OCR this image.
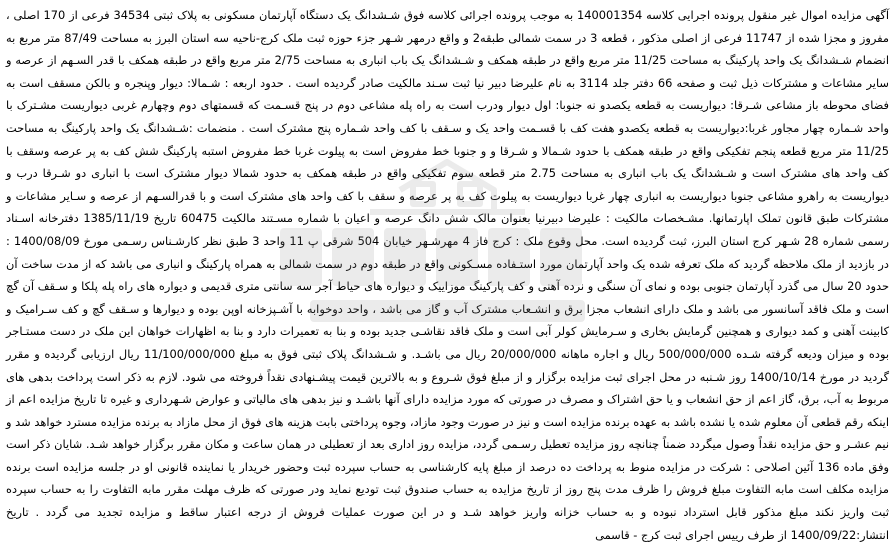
آگهی مزایده اموال غیر منقول پرونده اجرایی کلاسه 140001354 به موجب پرونده اجرائی کلاسه فوق شـشدانگ یک دستگاه آپارتمان مسکونی به پلاک ثبتی 34534 فرعی از 170 اصلی ، مفروز و مجزا شده از 11747 فرعی از اصلی مذکور ، قطعه 3 در سمت شمالی طبقه2 و واقع درمهر شـهر جزء حوزه ثبت ملک کرج-ناحیه سه استان البرز به مساحت 87/49 متر مربع به انضمام شـشدانگ یک واحد پارکینگ به مساحت 11/25 متر مربع واقع در طبقه همکف و شـشدانگ یک باب انباری به مساحت 2/75 متر مربع واقع در طبقه همکف با قدر السـهم از عرصه و سایر مشاعات و مشترکات ذیل ثبت و صفحه 66 دفتر جلد 3114 به نام علیرضا دبیر نیا ثبت سـند مالکیت صادر گردیده است . حدود اربعه : شـمالا: دیوار وپنجره و بالکن مسقف است به فضای محوطه باز مشاعی شـرقا: دیواریست به قطعه یکصدو نه جنوبا: اول دیوار ودرب است به راه پله مشاعی دوم در پنج قسـمت که قسمتهای دوم وچهارم غربی دیواریست مشـترک با واحد شـماره چهار مجاور غربا:دیواریست به قطعه یکصدو هفت کف با قسـمت واحد یک و سـقف با کف واحد شـماره پنج مشترک است . منضمات :شـشدانگ یک واحد پارکینگ به مساحت 11/25 متر مربع قطعه پنجم تفکیکی واقع در طبقه همکف با حدود شـمالا و شـرقا و و جنوبا خط مفروض است به پیلوت غربا خط مفروض استبه پارکینگ شش کف به پر عرصه وسقف با کف واحد های مشترک است و شـشدانگ یک باب انباری به مساحت 2.75 متر قطعه سوم تفکیکی واقع در طبقه همکف به حدود شمالا دیوار مشترک است با انباری دو شـرقا درب و دیواریست به راهرو مشاعی جنوبا دیواریست به انباری چهار غربا دیواریست به پیلوت کف به پر عرصه و سقف با کف واحد های مشترک است و با قدرالسـهم از عرصه و سـایر مشاعات و مشترکات طبق قانون تملک اپارتمانها. مشـخصات مالکیت : علیرضا دبیرنیا بعنوان مالک شش دانگ عرصه و اعیان با شماره مسـتند مالکیت 60475 تاریخ 1385/11/19 دفترخانه اسـناد رسمی شماره 28 شـهر کرج استان البرز، ثبت گردیده است. محل وقوع ملک : کرج فاز 4 مهرشـهر خیابان 504 شرقی پ 11 واحد 3 طبق نظر کارشـناس رسـمی مورخ 1400/08/09 : در بازدید از ملک ملاحظه گردید که ملک تعرفه شده یک واحد آپارتمان مورد استـفاده مسـکونی واقع در طبقه دوم در سمت شمالی به همراه پارکینگ و انباری می باشد که از مدت ساخت آن حدود 20 سال می گذرد آپارتمان جنوبی بوده و نمای آن سنگی و نرده آهنی و کف پارکینگ موزاییک و دیواره های حیاط آجر سه سانتی متری قدیمی و دیواره های راه پله پلکا و سـقف آن گچ است و ملک فاقد آسانسور می باشد و ملک دارای انشعاب مجزا برق و انشـعاب مشترک آب و گاز می باشد ، واحد دوخوابه با آشـپزخانه اوپن بوده و دیوارها و سـقف گچ و کف سـرامیک و کابینت آهنی و کمد دیواری و همچنین گرمایش بخاری و سـرمایش کولر آبی است و ملک فاقد نقاشـی جدید بوده و بنا به تعمیرات دارد و بنا به اظهارات خواهان این ملک در دست مستـاجر بوده و میزان ودیعه گرفته شـده 500/000/000 ریال و اجاره ماهانه 20/000/000 ریال می باشـد. و شـشدانگ پلاک ثبتی فوق به مبلغ 11/100/000/000 ریال ارزیابی گردیده و مقرر گردید در مورخ 1400/10/14 روز شـنبه در محل اجرای ثبت مزایده برگزار و از مبلغ فوق شـروع و به بالاترین قیمت پیشـنهادی نقداً فروخته می شود. لازم به ذکر است پرداخت بدهی های مربوط به آب، برق، گاز اعم از حق انشعاب و یا حق اشتراک و مصرف در صورتی که مورد مزایده دارای آنها باشـد و نیز بدهی های مالیاتی و عوارض شـهرداری و غیره تا تاریخ مزایده اعم از اینکه رقم قطعی آن معلوم شده یا نشده باشد به عهده برنده مزایده است و نیز در صورت وجود مازاد، وجوه پرداختی بابت هزینه های فوق از محل مازاد به برنده مزایده مسترد خواهد شد و نیم عشـر و حق مزایده نقداً وصول میگردد ضمناً چنانچه روز مزایده تعطیل رسـمی گردد، مزایده روز اداری بعد از تعطیلی در همان ساعت و مکان مقرر برگزار خواهد شـد. شایان ذکر است وفق ماده 136 آئین اصلاحی : شرکت در مزایده منوط به پرداخت ده درصد از مبلغ پایه کارشناسی به حساب سپرده ثبت وحضور خریدار یا نماینده قانونی او در جلسه مزایده است برنده مزایده مکلف است مابه التفاوت مبلغ فروش را ظرف مدت پنج روز از تاریخ مزایده به حساب صندوق ثبت توديع نمايد ودر صورتی که ظرف مهلت مقرر مابه التفاوت را به حساب سپرده ثبت واریز نکند مبلغ مذکور قابل استرداد نبوده و به حساب خزانه واریز خواهد شـد و در این صورت عملیات فروش از درجه اعتبار ساقط و مزایده تجدید می گردد . تاریخ انتشار:1400/09/22 از طرف رییس اجرای ثبت کرج - قاسمی
